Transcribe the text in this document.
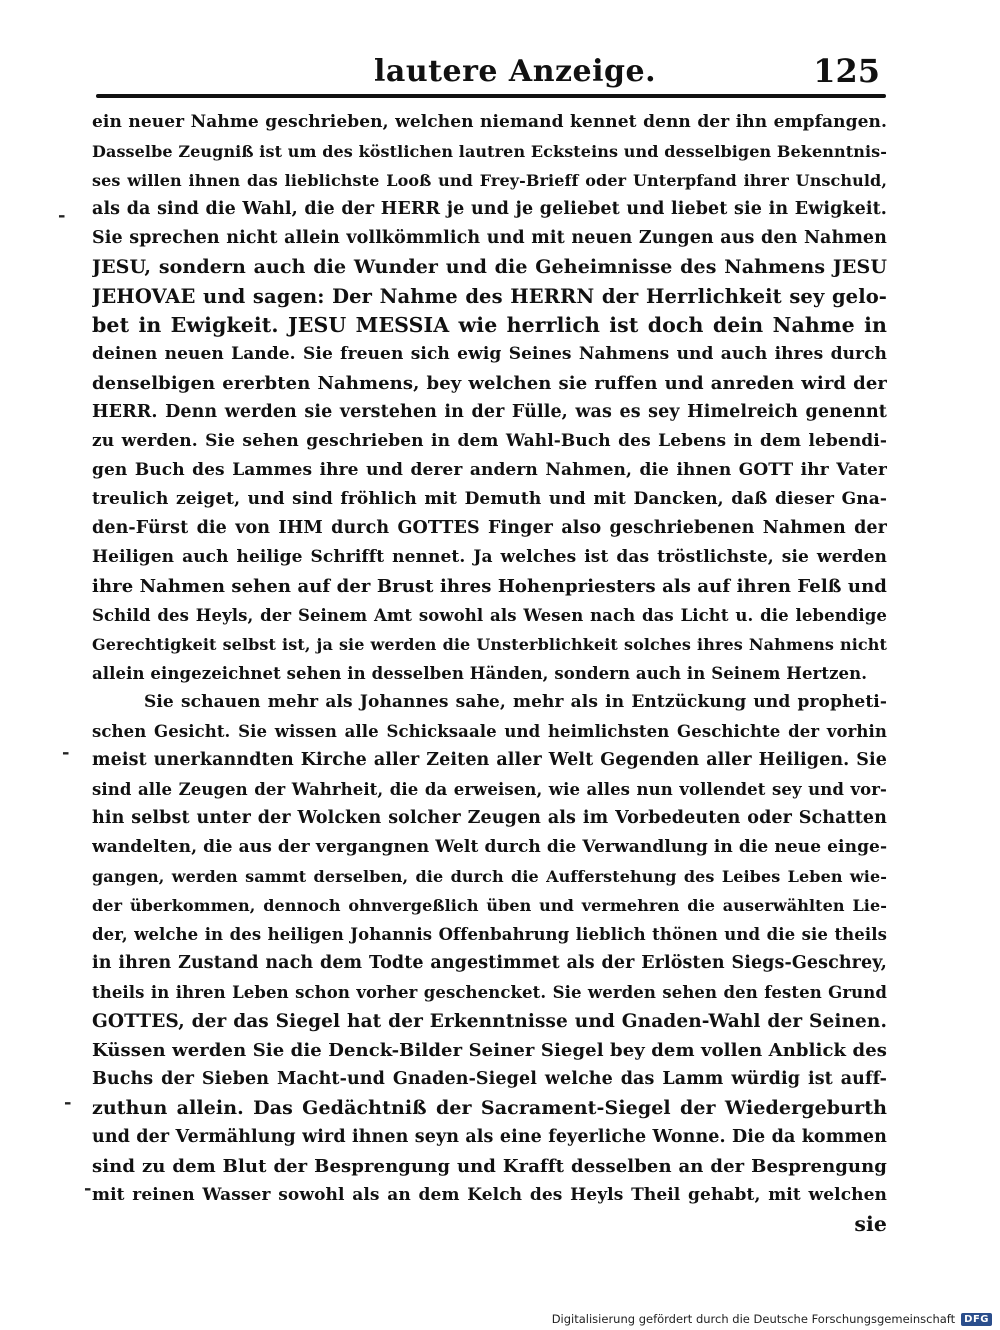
lautere Anzeige.	125
ein neuer Nahme geschrieben, welchen niemand kennet denn der ihn empfangen.
Dasselbe Zeugniß ist um des köstlichen lautren Ecksteins und desselbigen Bekenntnis-
ses willen ihnen das lieblichste Looß und Frey-Brieff oder Unterpfand ihrer Unschuld,
als da sind die Wahl, die der HERR je und je geliebet und liebet sie in Ewigkeit.
Sie sprechen nicht allein vollkömmlich und mit neuen Zungen aus den Nahmen
JESU, sondern auch die Wunder und die Geheimnisse des Nahmens JESU
JEHOVAE und sagen: Der Nahme des HERRN der Herrlichkeit sey gelo-
bet in Ewigkeit. JESU MESSIA wie herrlich ist doch dein Nahme in
deinen neuen Lande. Sie freuen sich ewig Seines Nahmens und auch ihres durch
denselbigen ererbten Nahmens, bey welchen sie ruffen und anreden wird der
HERR. Denn werden sie verstehen in der Fülle, was es sey Himelreich genennt
zu werden. Sie sehen geschrieben in dem Wahl-Buch des Lebens in dem lebendi-
gen Buch des Lammes ihre und derer andern Nahmen, die ihnen GOTT ihr Vater
treulich zeiget, und sind fröhlich mit Demuth und mit Dancken, daß dieser Gna-
den-Fürst die von IHM durch GOTTES Finger also geschriebenen Nahmen der
Heiligen auch heilige Schrifft nennet. Ja welches ist das tröstlichste, sie werden
ihre Nahmen sehen auf der Brust ihres Hohenpriesters als auf ihren Felß und
Schild des Heyls, der Seinem Amt sowohl als Wesen nach das Licht u. die lebendige
Gerechtigkeit selbst ist, ja sie werden die Unsterblichkeit solches ihres Nahmens nicht
allein eingezeichnet sehen in desselben Händen, sondern auch in Seinem Hertzen.
Sie schauen mehr als Johannes sahe, mehr als in Entzückung und propheti-
schen Gesicht. Sie wissen alle Schicksaale und heimlichsten Geschichte der vorhin
meist unerkanndten Kirche aller Zeiten aller Welt Gegenden aller Heiligen. Sie
sind alle Zeugen der Wahrheit, die da erweisen, wie alles nun vollendet sey und vor-
hin selbst unter der Wolcken solcher Zeugen als im Vorbedeuten oder Schatten
wandelten, die aus der vergangnen Welt durch die Verwandlung in die neue einge-
gangen, werden sammt derselben, die durch die Aufferstehung des Leibes Leben wie-
der überkommen, dennoch ohnvergeßlich üben und vermehren die auserwählten Lie-
der, welche in des heiligen Johannis Offenbahrung lieblich thönen und die sie theils
in ihren Zustand nach dem Todte angestimmet als der Erlösten Siegs-Geschrey,
theils in ihren Leben schon vorher geschencket. Sie werden sehen den festen Grund
GOTTES, der das Siegel hat der Erkenntnisse und Gnaden-Wahl der Seinen.
Küssen werden Sie die Denck-Bilder Seiner Siegel bey dem vollen Anblick des
Buchs der Sieben Macht-und Gnaden-Siegel welche das Lamm würdig ist auff-
zuthun allein. Das Gedächtniß der Sacrament-Siegel der Wiedergeburth
und der Vermählung wird ihnen seyn als eine feyerliche Wonne. Die da kommen
sind zu dem Blut der Besprengung und Krafft desselben an der Besprengung
mit reinen Wasser sowohl als an dem Kelch des Heyls Theil gehabt, mit welchen
sie
-
-
-
-
Digitalisierung gefördert durch die Deutsche Forschungsgemeinschaft DFG
